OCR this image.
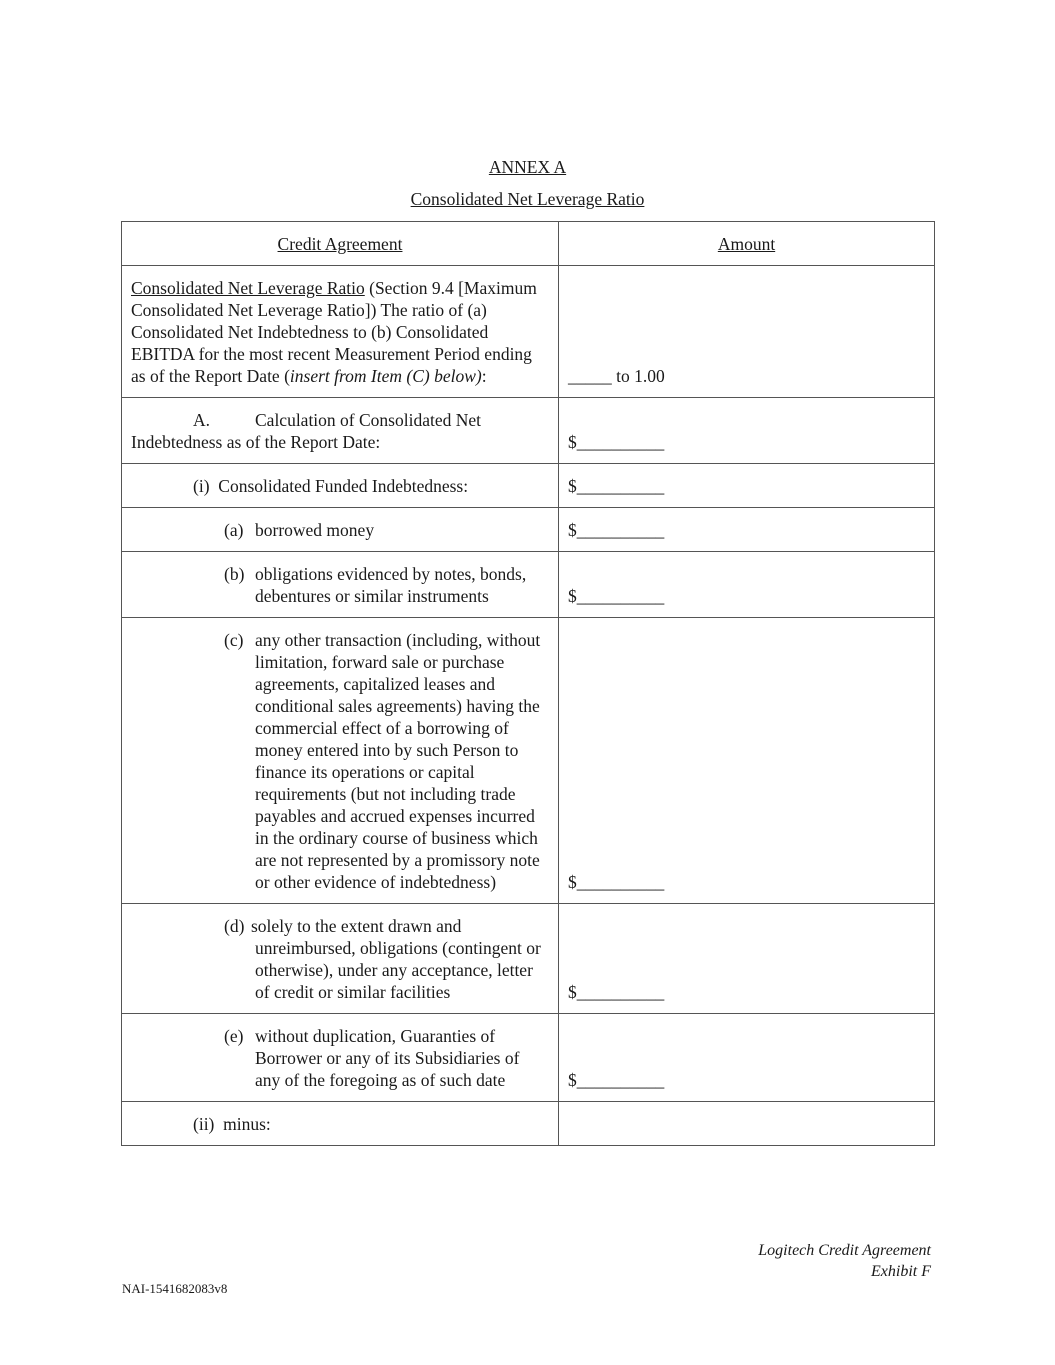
ANNEX A
Consolidated Net Leverage Ratio
Credit Agreement	Amount
Consolidated Net Leverage Ratio (Section 9.4 [Maximum Consolidated Net Leverage Ratio]) The ratio of (a) Consolidated Net Indebtedness to (b) Consolidated EBITDA for the most recent Measurement Period ending as of the Report Date (insert from Item (C) below):	_____ to 1.00

A. Calculation of Consolidated Net Indebtedness as of the Report Date:	$__________
(i) Consolidated Funded Indebtedness:	$__________

(a) borrowed money	$__________

(b) obligations evidenced by notes, bonds, debentures or similar instruments	$__________

(c) any other transaction (including, without limitation, forward sale or purchase agreements, capitalized leases and conditional sales agreements) having the commercial effect of a borrowing of money entered into by such Person to finance its operations or capital requirements (but not including trade payables and accrued expenses incurred in the ordinary course of business which are not represented by a promissory note or other evidence of indebtedness)	$__________

(d) solely to the extent drawn and unreimbursed, obligations (contingent or otherwise), under any acceptance, letter of credit or similar facilities	$__________

(e) without duplication, Guaranties of Borrower or any of its Subsidiaries of any of the foregoing as of such date	$__________
(ii) minus:	
Logitech Credit Agreement
Exhibit F
NAI-1541682083v8
